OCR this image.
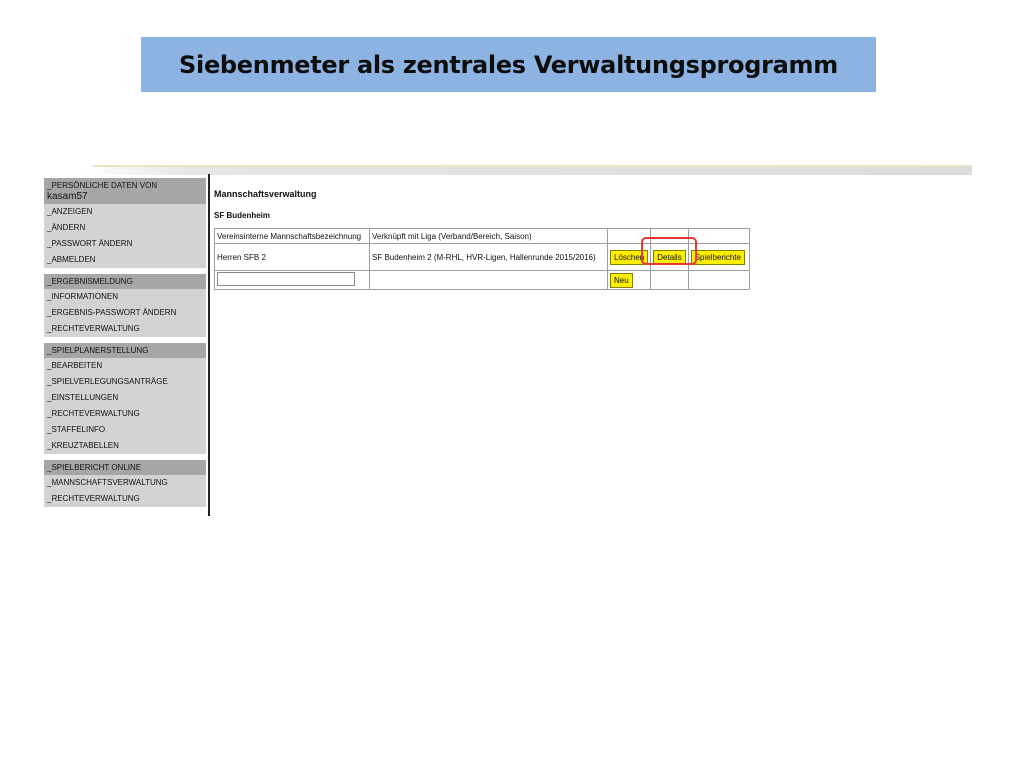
Siebenmeter als zentrales Verwaltungsprogramm
_PERSÖNLICHE DATEN VON
kasam57
_ANZEIGEN
_ÄNDERN
_PASSWORT ÄNDERN
_ABMELDEN
_ERGEBNISMELDUNG
_INFORMATIONEN
_ERGEBNIS-PASSWORT ÄNDERN
_RECHTEVERWALTUNG
_SPIELPLANERSTELLUNG
_BEARBEITEN
_SPIELVERLEGUNGSANTRÄGE
_EINSTELLUNGEN
_RECHTEVERWALTUNG
_STAFFELINFO
_KREUZTABELLEN
_SPIELBERICHT ONLINE
_MANNSCHAFTSVERWALTUNG
_RECHTEVERWALTUNG
Mannschaftsverwaltung
SF Budenheim
Vereinsinterne Mannschaftsbezeichnung	Verknüpft mit Liga (Verband/Bereich, Saison)			
Herren SFB 2	SF Budenheim 2 (M-RHL, HVR-Ligen, Hallenrunde 2015/2016)	Löschen	Details	Spielberichte
		Neu		
